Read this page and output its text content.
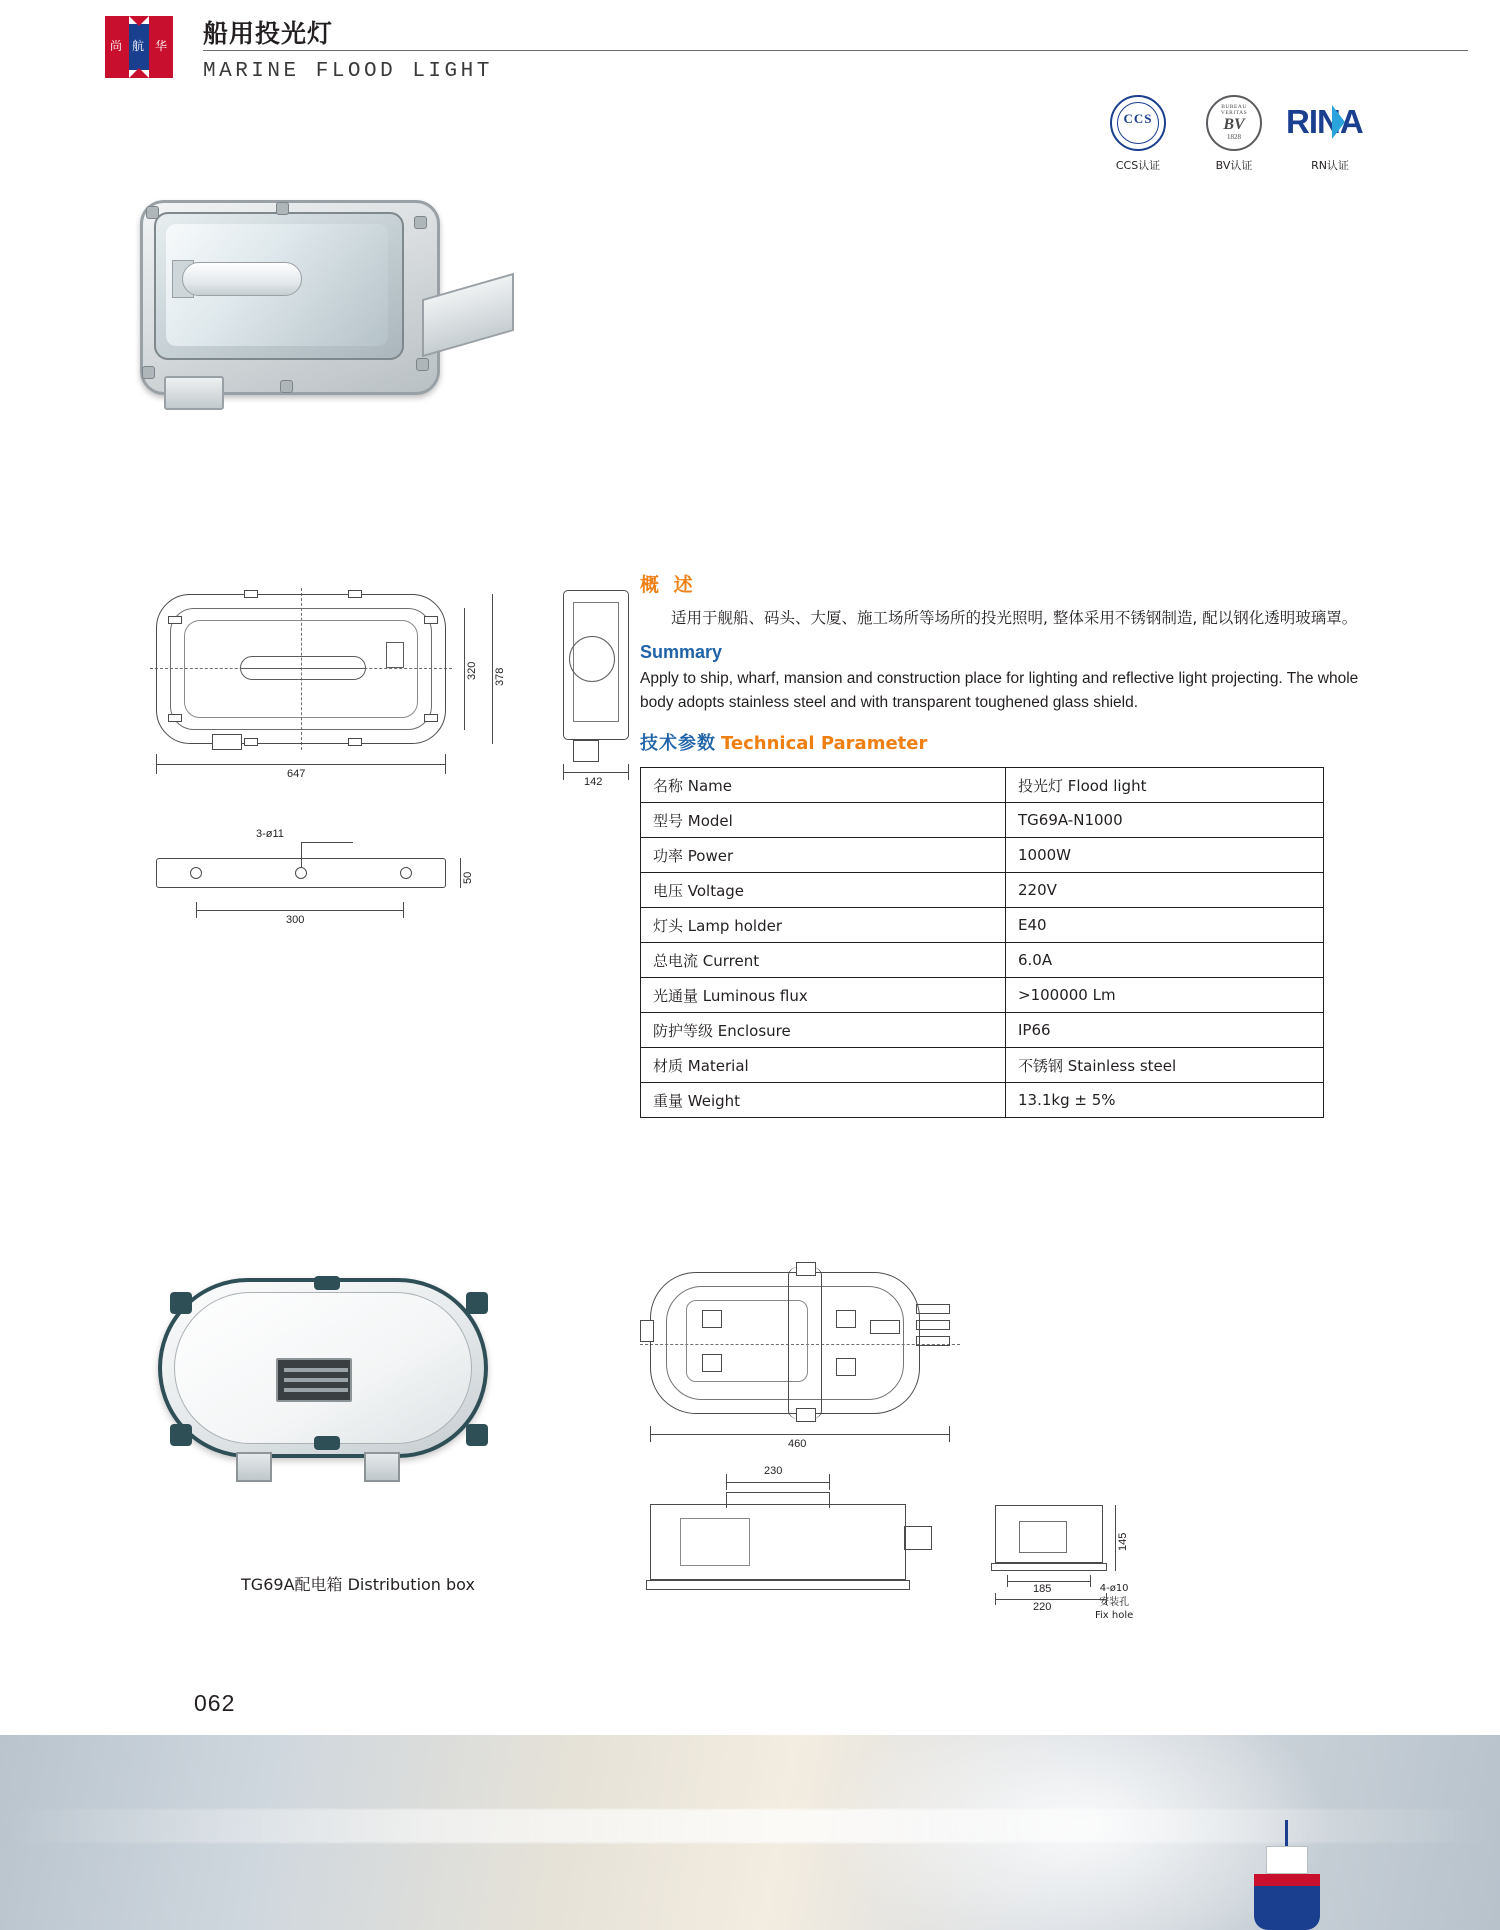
尚 航 华 船用投光灯
MARINE FLOOD LIGHT
CCS
CCS认证
BUREAU VERITAS
BV
1828
BV认证
RINA
RN认证
647
320 378
142
3-ø11
50
300
概 述

适用于舰船、码头、大厦、施工场所等场所的投光照明, 整体采用不锈钢制造, 配以钢化透明玻璃罩。

Summary

Apply to ship, wharf, mansion and construction place for lighting and reflective light projecting. The whole body adopts stainless steel and with transparent toughened glass shield.

技术参数 Technical Parameter
名称 Name	投光灯 Flood light
型号 Model	TG69A-N1000
功率 Power	1000W
电压 Voltage	220V
灯头 Lamp holder	E40
总电流 Current	6.0A
光通量 Luminous flux	>100000 Lm
防护等级 Enclosure	IP66
材质 Material	不锈钢 Stainless steel
重量 Weight	13.1kg ± 5%
TG69A配电箱 Distribution box
460
230
145
185
220
4-ø10
安装孔
Fix hole
062
